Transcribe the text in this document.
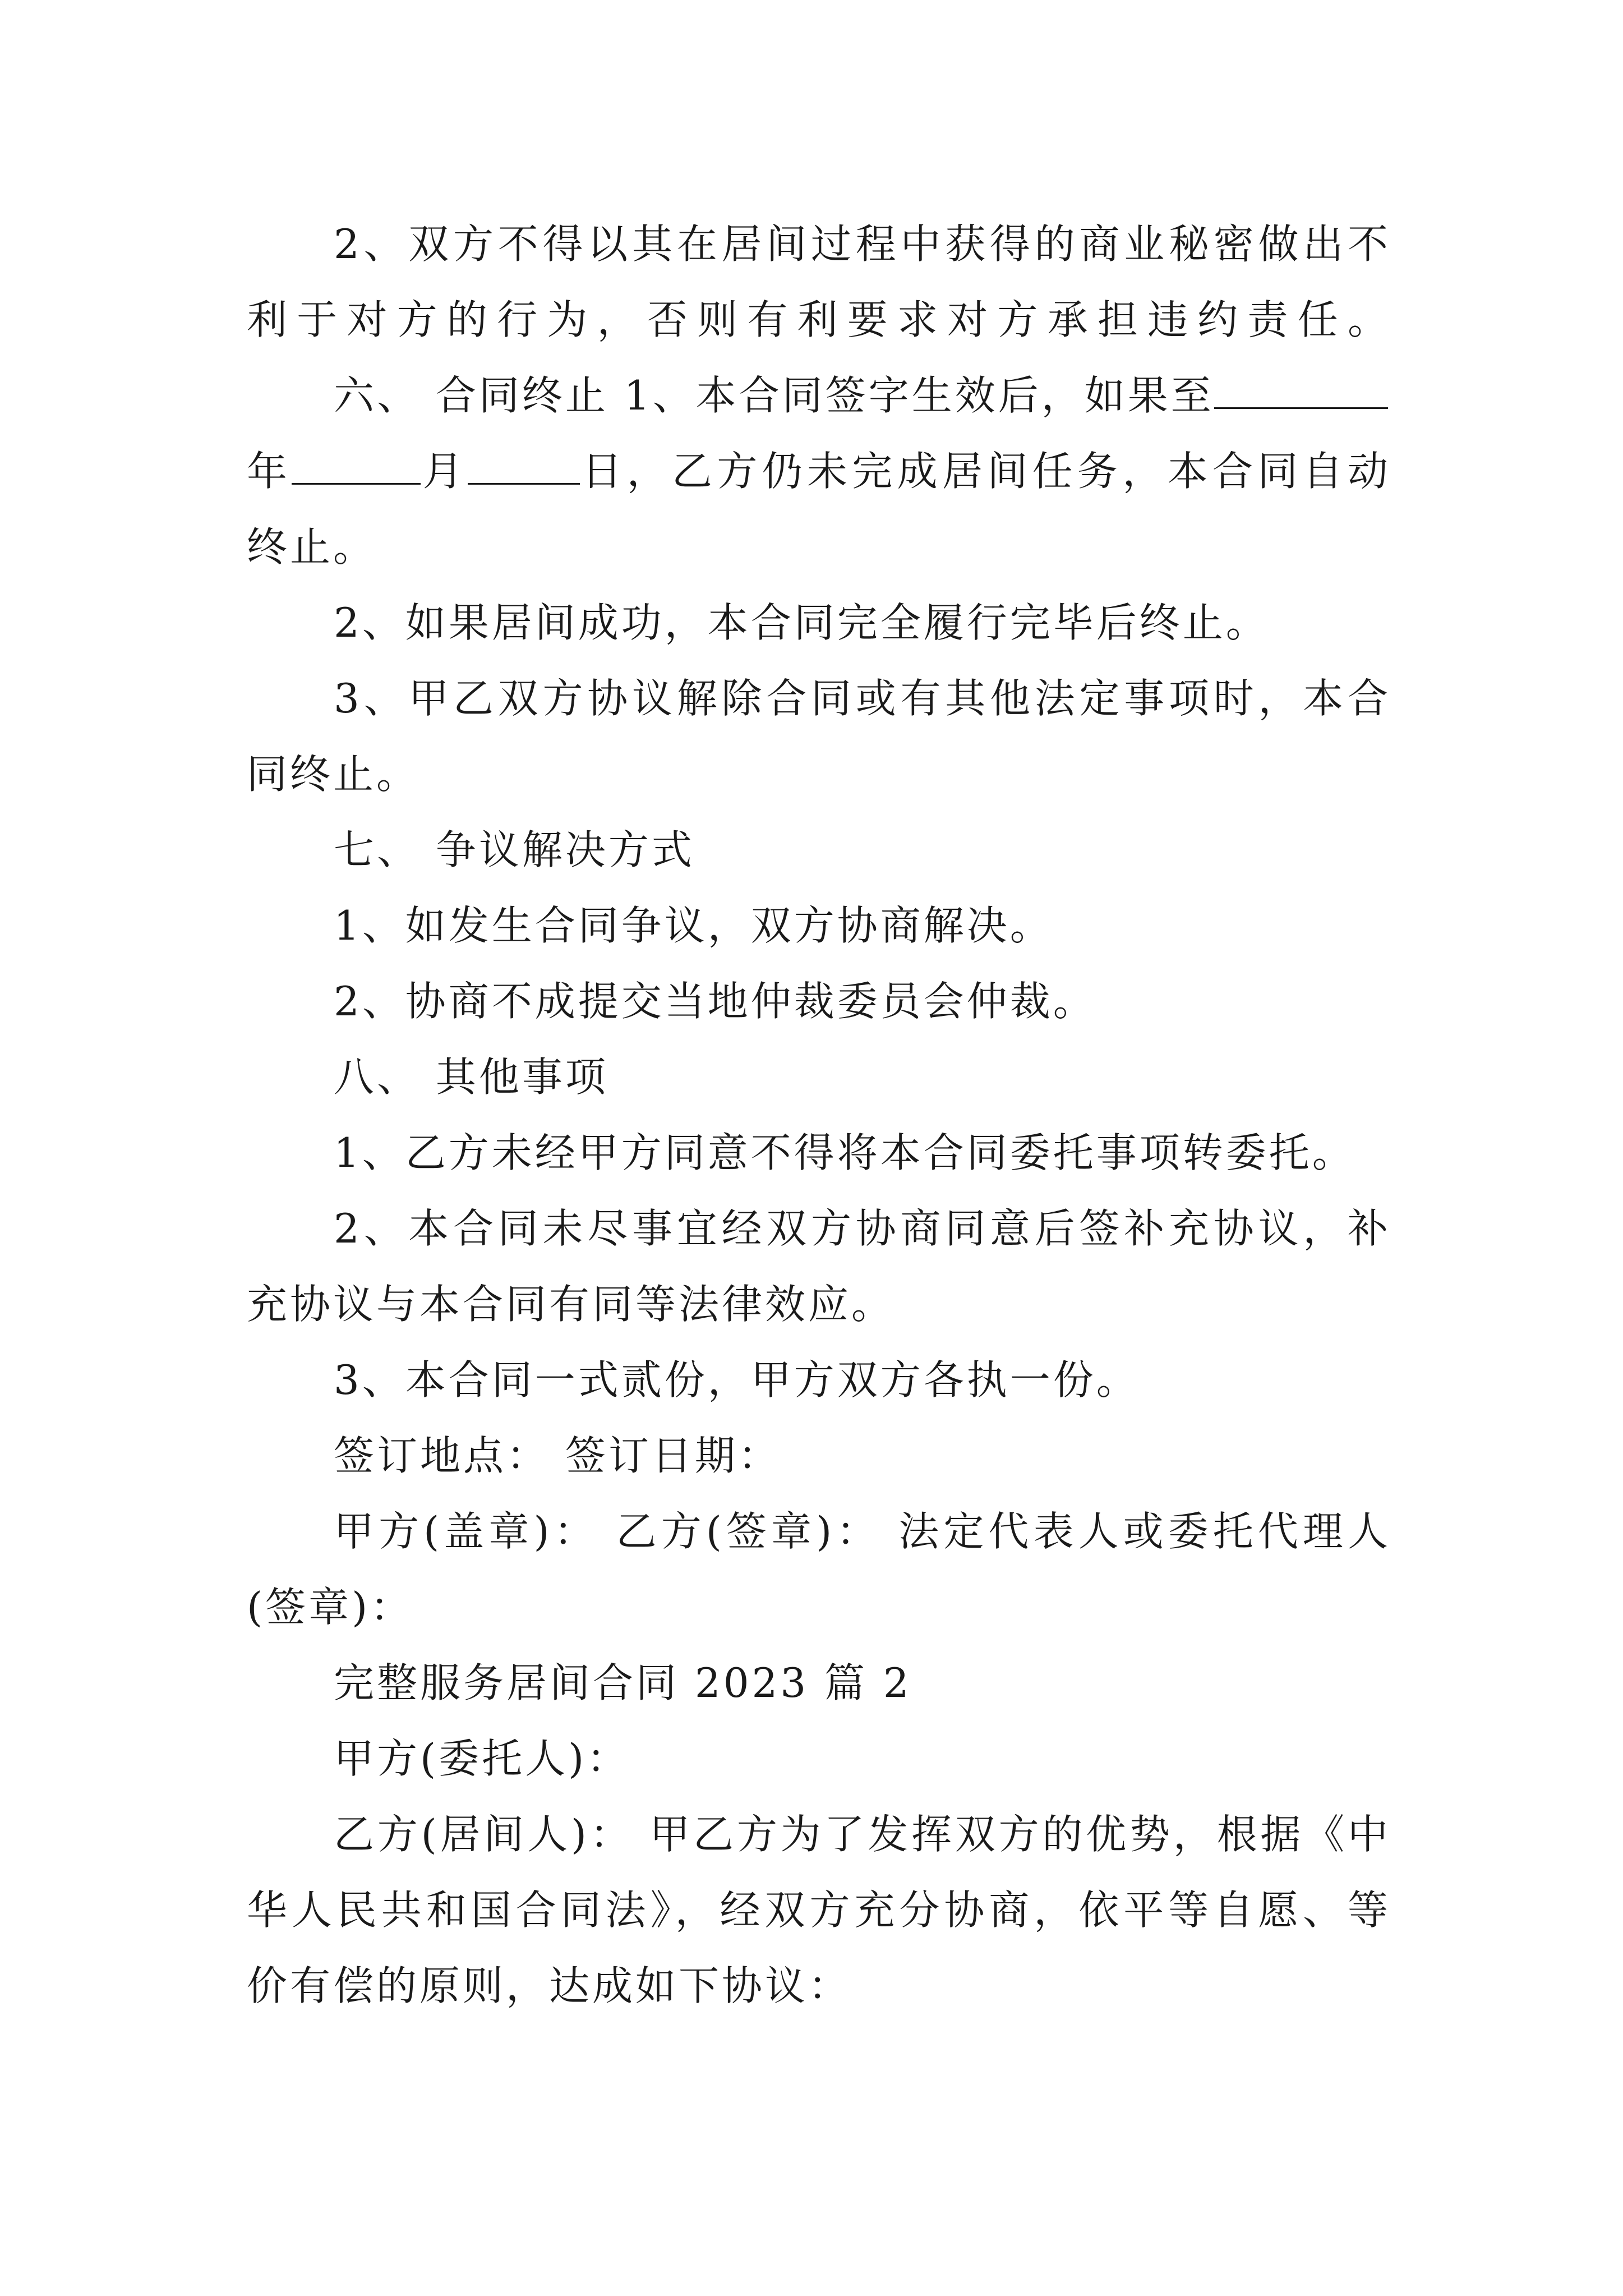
2、双方不得以其在居间过程中获得的商业秘密做出不
利于对方的行为，否则有利要求对方承担违约责任。
六、 合同终止 1、本合同签字生效后，如果至
年	月	日，乙方仍未完成居间任务，本合同自动
终止。
2、如果居间成功，本合同完全履行完毕后终止。
3、甲乙双方协议解除合同或有其他法定事项时，本合
同终止。
七、 争议解决方式
1、如发生合同争议，双方协商解决。
2、协商不成提交当地仲裁委员会仲裁。
八、 其他事项
1、乙方未经甲方同意不得将本合同委托事项转委托。
2、本合同未尽事宜经双方协商同意后签补充协议，补
充协议与本合同有同等法律效应。
3、本合同一式贰份，甲方双方各执一份。
签订地点： 签订日期：
甲方(盖章)： 乙方(签章)： 法定代表人或委托代理人
(签章)：
完整服务居间合同 2023 篇 2
甲方(委托人)：
乙方(居间人)： 甲乙方为了发挥双方的优势，根据《中
华人民共和国合同法》，经双方充分协商，依平等自愿、等
价有偿的原则，达成如下协议：
